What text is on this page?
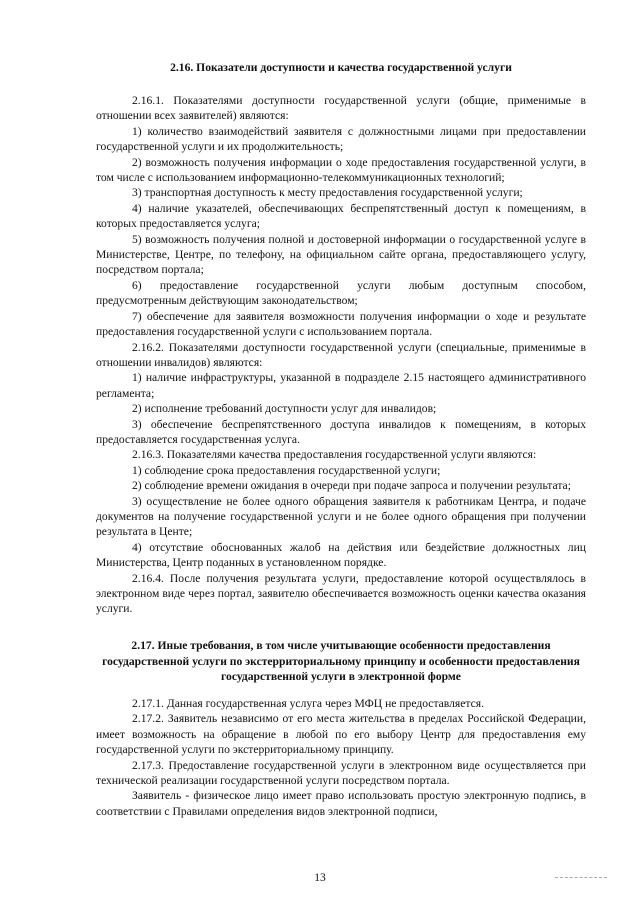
2.16. Показатели доступности и качества государственной услуги

2.16.1. Показателями доступности государственной услуги (общие, применимые в отношении всех заявителей) являются:

1) количество взаимодействий заявителя с должностными лицами при предоставлении государственной услуги и их продолжительность;

2) возможность получения информации о ходе предоставления государственной услуги, в том числе с использованием информационно-телекоммуникационных технологий;

3) транспортная доступность к месту предоставления государственной услуги;

4) наличие указателей, обеспечивающих беспрепятственный доступ к помещениям, в которых предоставляется услуга;

5) возможность получения полной и достоверной информации о государственной услуге в Министерстве, Центре, по телефону, на официальном сайте органа, предоставляющего услугу, посредством портала;

6) предоставление государственной услуги любым доступным способом, предусмотренным действующим законодательством;

7) обеспечение для заявителя возможности получения информации о ходе и результате предоставления государственной услуги с использованием портала.

2.16.2. Показателями доступности государственной услуги (специальные, применимые в отношении инвалидов) являются:

1) наличие инфраструктуры, указанной в подразделе 2.15 настоящего административного регламента;

2) исполнение требований доступности услуг для инвалидов;

3) обеспечение беспрепятственного доступа инвалидов к помещениям, в которых предоставляется государственная услуга.

2.16.3. Показателями качества предоставления государственной услуги являются:

1) соблюдение срока предоставления государственной услуги;

2) соблюдение времени ожидания в очереди при подаче запроса и получении результата;

3) осуществление не более одного обращения заявителя к работникам Центра, и подаче документов на получение государственной услуги и не более одного обращения при получении результата в Центе;

4) отсутствие обоснованных жалоб на действия или бездействие должностных лиц Министерства, Центр поданных в установленном порядке.

2.16.4. После получения результата услуги, предоставление которой осуществлялось в электронном виде через портал, заявителю обеспечивается возможность оценки качества оказания услуги.

2.17. Иные требования, в том числе учитывающие особенности предоставления государственной услуги по экстерриториальному принципу и особенности предоставления государственной услуги в электронной форме

2.17.1. Данная государственная услуга через МФЦ не предоставляется.

2.17.2. Заявитель независимо от его места жительства в пределах Российской Федерации, имеет возможность на обращение в любой по его выбору Центр для предоставления ему государственной услуги по экстерриториальному принципу.

2.17.3. Предоставление государственной услуги в электронном виде осуществляется при технической реализации государственной услуги посредством портала.

Заявитель - физическое лицо имеет право использовать простую электронную подпись, в соответствии с Правилами определения видов электронной подписи,

13
